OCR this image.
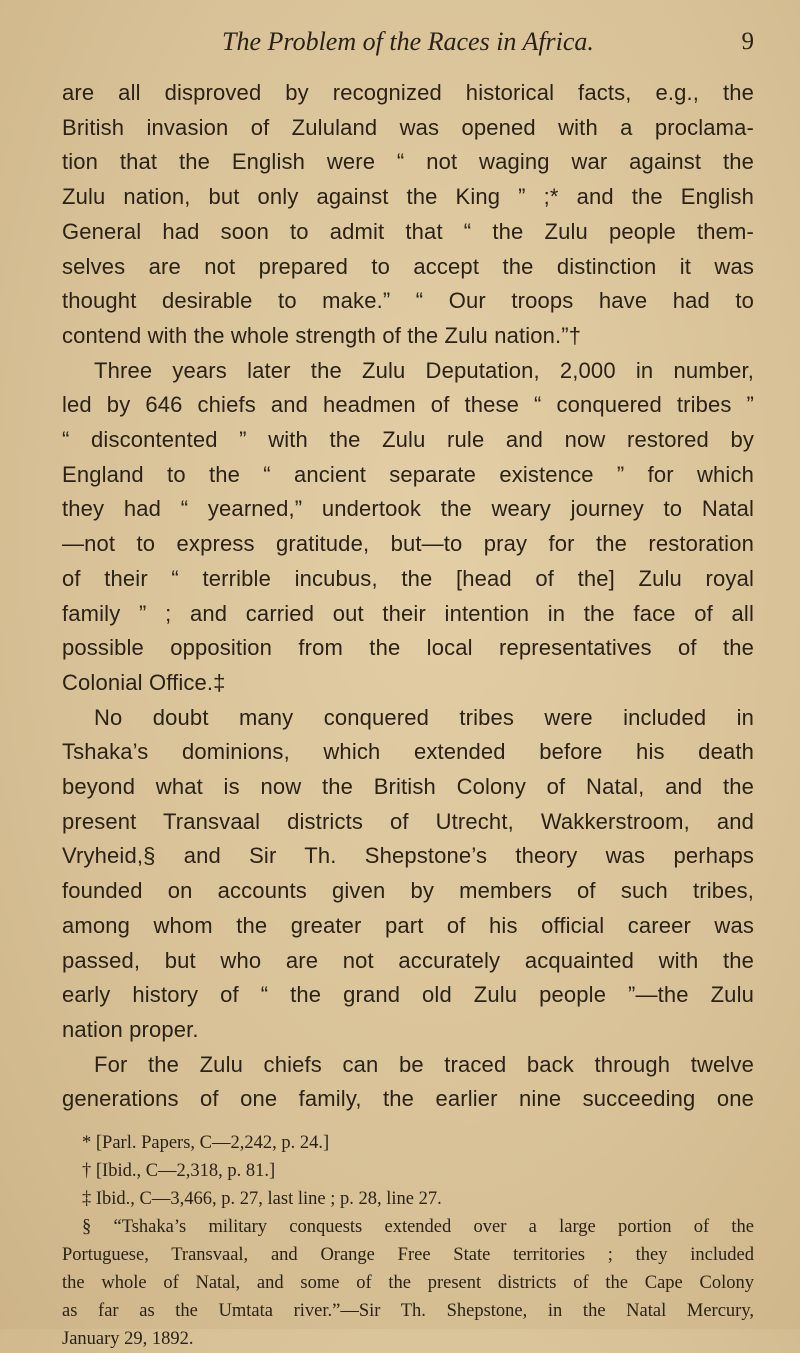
The Problem of the Races in Africa.	9

are all disproved by recognized historical facts, e.g., the
British invasion of Zululand was opened with a proclama-
tion that the English were “ not waging war against the
Zulu nation, but only against the King ” ;* and the English
General had soon to admit that “ the Zulu people them-
selves are not prepared to accept the distinction it was
thought desirable to make.” “ Our troops have had to
contend with the whole strength of the Zulu nation.”†

Three years later the Zulu Deputation, 2,000 in number,
led by 646 chiefs and headmen of these “ conquered tribes ”
“ discontented ” with the Zulu rule and now restored by
England to the “ ancient separate existence ” for which
they had “ yearned,” undertook the weary journey to Natal
—not to express gratitude, but—to pray for the restoration
of their “ terrible incubus, the [head of the] Zulu royal
family ” ; and carried out their intention in the face of all
possible opposition from the local representatives of the
Colonial Office.‡

No doubt many conquered tribes were included in
Tshaka’s dominions, which extended before his death
beyond what is now the British Colony of Natal, and the
present Transvaal districts of Utrecht, Wakkerstroom, and
Vryheid,§ and Sir Th. Shepstone’s theory was perhaps
founded on accounts given by members of such tribes,
among whom the greater part of his official career was
passed, but who are not accurately acquainted with the
early history of “ the grand old Zulu people ”—the Zulu
nation proper.

For the Zulu chiefs can be traced back through twelve
generations of one family, the earlier nine succeeding one

* [Parl. Papers, C—2,242, p. 24.]
† [Ibid., C—2,318, p. 81.]
‡ Ibid., C—3,466, p. 27, last line ; p. 28, line 27.
§ “Tshaka’s military conquests extended over a large portion of the
Portuguese, Transvaal, and Orange Free State territories ; they included
the whole of Natal, and some of the present districts of the Cape Colony
as far as the Umtata river.”—Sir Th. Shepstone, in the Natal Mercury,
January 29, 1892.
